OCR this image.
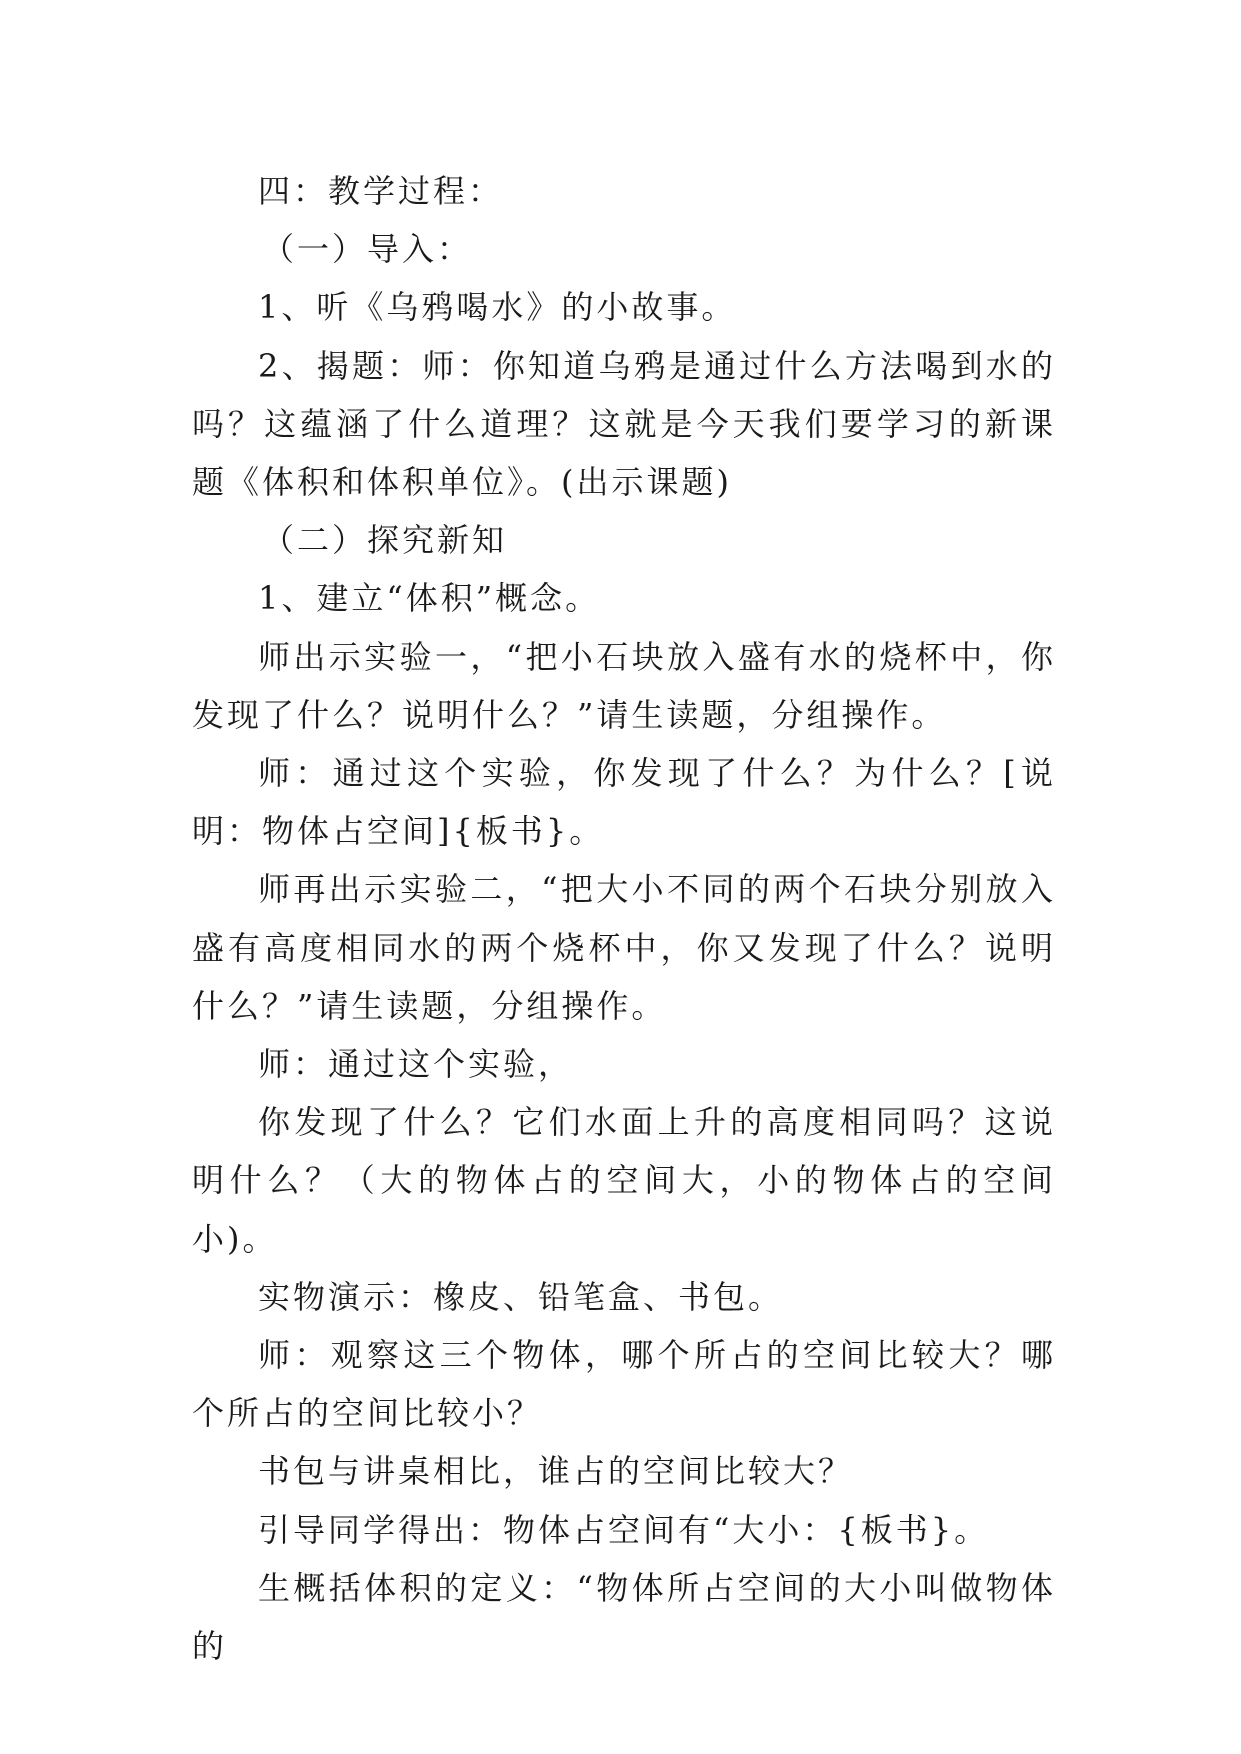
四：教学过程：

（一）导入：

1、听《乌鸦喝水》的小故事。

2、揭题：师：你知道乌鸦是通过什么方法喝到水的吗？这蕴涵了什么道理？这就是今天我们要学习的新课题《体积和体积单位》。(出示课题)

（二）探究新知

1、建立“体积”概念。

师出示实验一，“把小石块放入盛有水的烧杯中，你发现了什么？说明什么？”请生读题，分组操作。

师：通过这个实验，你发现了什么？为什么？[说明：物体占空间]{板书}。

师再出示实验二，“把大小不同的两个石块分别放入盛有高度相同水的两个烧杯中，你又发现了什么？说明什么？”请生读题，分组操作。

师：通过这个实验，

你发现了什么？它们水面上升的高度相同吗？这说明什么？（大的物体占的空间大，小的物体占的空间小)。

实物演示：橡皮、铅笔盒、书包。

师：观察这三个物体，哪个所占的空间比较大？哪个所占的空间比较小？

书包与讲桌相比，谁占的空间比较大？

引导同学得出：物体占空间有“大小：{板书}。

生概括体积的定义：“物体所占空间的大小叫做物体的
